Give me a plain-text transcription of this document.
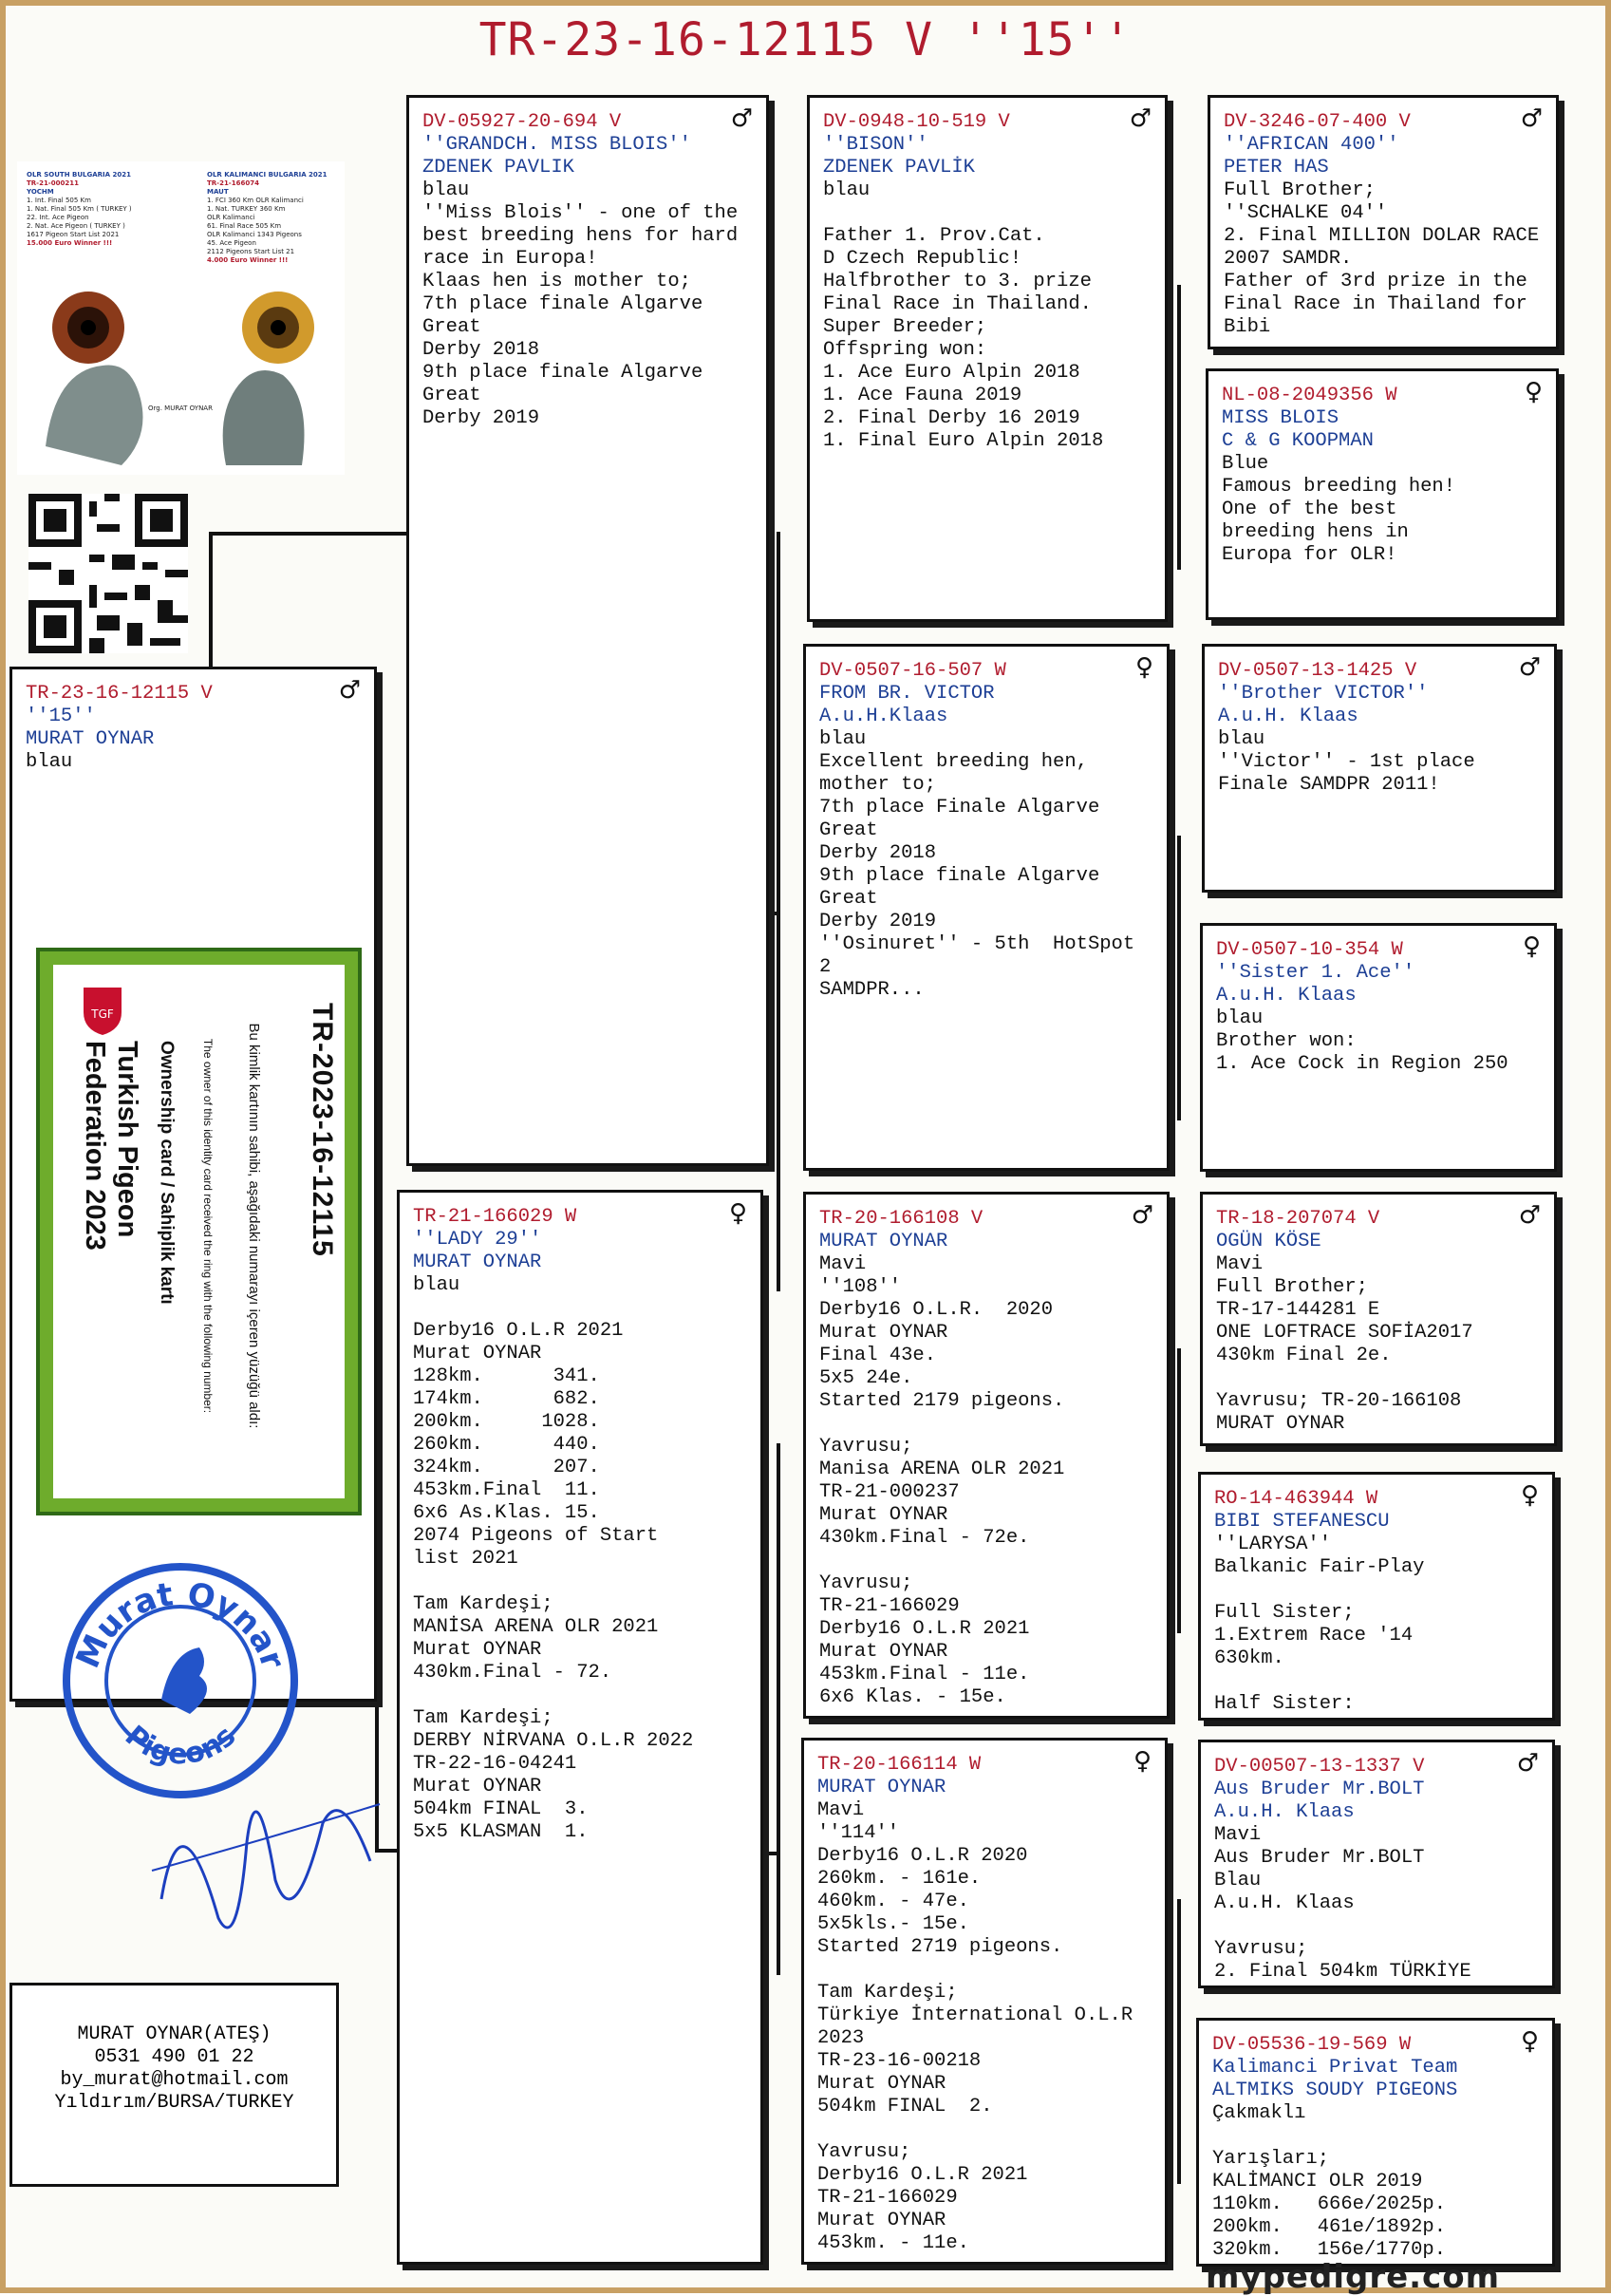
TR-23-16-12115 V ''15''
OLR SOUTH BULGARIA 2021
TR-21-000211
YOCHM
1. Int. Final 505 Km
1. Nat. Final 505 Km ( TURKEY )
22. Int. Ace Pigeon
2. Nat. Ace Pigeon ( TURKEY )
1617 Pigeon Start List 2021
15.000 Euro Winner !!!
OLR KALIMANCI BULGARIA 2021
TR-21-166074
MAUT
1. FCI 360 Km OLR Kalimanci
1. Nat. TURKEY 360 Km
OLR Kalimanci
61. Final Race 505 Km
OLR Kalimanci 1343 Pigeons
45. Ace Pigeon
2112 Pigeons Start List 21
4.000 Euro Winner !!!
Org. MURAT OYNAR
♂
TR-23-16-12115 V
''15''
MURAT OYNAR
blau
TGF
Turkish Pigeon
Federation 2023	Ownership card / Sahiplik kartı The owner of this identity card received the ring with the following number: Bu kimlik kartının sahibi, aşağıdaki numarayı içeren yüzüğü aldı: TR-2023-16-12115
Murat Oynar
Pigeons
MURAT OYNAR(ATEŞ)
0531 490 01 22
by_murat@hotmail.com
Yıldırım/BURSA/TURKEY
♂
DV-05927-20-694 V
''GRANDCH. MISS BLOIS''
ZDENEK PAVLIK
blau
''Miss Blois'' - one of the
best breeding hens for hard
race in Europa!
Klaas hen is mother to;
7th place finale Algarve Great
Derby 2018
9th place finale Algarve Great
Derby 2019
♀
TR-21-166029 W
''LADY 29''
MURAT OYNAR
blau
Derby16 O.L.R 2021
Murat OYNAR
128km.      341.
174km.      682.
200km.     1028.
260km.      440.
324km.      207.
453km.Final  11.
6x6 As.Klas. 15.
2074 Pigeons of Start
list 2021
Tam Kardeşi;
MANİSA ARENA OLR 2021
Murat OYNAR
430km.Final - 72.
Tam Kardeşi;
DERBY NİRVANA O.L.R 2022
TR-22-16-04241
Murat OYNAR
504km FINAL  3.
5x5 KLASMAN  1.
♂
DV-0948-10-519 V
''BISON''
ZDENEK PAVLİK
blau
Father 1. Prov.Cat.
D Czech Republic!
Halfbrother to 3. prize
Final Race in Thailand.
Super Breeder;
Offspring won:
1. Ace Euro Alpin 2018
1. Ace Fauna 2019
2. Final Derby 16 2019
1. Final Euro Alpin 2018
♀
DV-0507-16-507 W
FROM BR. VICTOR
A.u.H.Klaas
blau
Excellent breeding hen,
mother to;
7th place Finale Algarve Great
Derby 2018
9th place finale Algarve Great
Derby 2019
''Osinuret'' - 5th  HotSpot 2
SAMDPR...
♂
TR-20-166108 V
MURAT OYNAR
Mavi
''108''
Derby16 O.L.R.  2020
Murat OYNAR
Final 43e.
5x5 24e.
Started 2179 pigeons.
Yavrusu;
Manisa ARENA OLR 2021
TR-21-000237
Murat OYNAR
430km.Final - 72e.
Yavrusu;
TR-21-166029
Derby16 O.L.R 2021
Murat OYNAR
453km.Final - 11e.
6x6 Klas. - 15e.
♀
TR-20-166114 W
MURAT OYNAR
Mavi
''114''
Derby16 O.L.R 2020
260km. - 161e.
460km. - 47e.
5x5kls.- 15e.
Started 2719 pigeons.
Tam Kardeşi;
Türkiye İnternational O.L.R
2023
TR-23-16-00218
Murat OYNAR
504km FINAL  2.
Yavrusu;
Derby16 O.L.R 2021
TR-21-166029
Murat OYNAR
453km. - 11e.
♂
DV-3246-07-400 V
''AFRICAN 400''
PETER HAS
Full Brother;
''SCHALKE 04''
2. Final MILLION DOLAR RACE
2007 SAMDR.
Father of 3rd prize in the
Final Race in Thailand for
Bibi
♀
NL-08-2049356 W
MISS BLOIS
C & G KOOPMAN
Blue
Famous breeding hen!
One of the best
breeding hens in
Europa for OLR!
♂
DV-0507-13-1425 V
''Brother VICTOR''
A.u.H. Klaas
blau
''Victor'' - 1st place
Finale SAMDPR 2011!
♀
DV-0507-10-354 W
''Sister 1. Ace''
A.u.H. Klaas
blau
Brother won:
1. Ace Cock in Region 250
♂
TR-18-207074 V
OGÜN KÖSE
Mavi
Full Brother;
TR-17-144281 E
ONE LOFTRACE SOFİA2017
430km Final 2e.
Yavrusu; TR-20-166108
MURAT OYNAR
♀
RO-14-463944 W
BIBI STEFANESCU
''LARYSA''
Balkanic Fair-Play
Full Sister;
1.Extrem Race '14
630km.
Half Sister:
♂
DV-00507-13-1337 V
Aus Bruder Mr.BOLT
A.u.H. Klaas
Mavi
Aus Bruder Mr.BOLT
Blau
A.u.H. Klaas
Yavrusu;
2. Final 504km TÜRKİYE
♀
DV-05536-19-569 W
Kalimanci Privat Team
ALTMIKS SOUDY PIGEONS
Çakmaklı
Yarışları;
KALİMANCI OLR 2019
110km.   666e/2025p.
200km.   461e/1892p.
320km.   156e/1770p.
mypedigre.com
